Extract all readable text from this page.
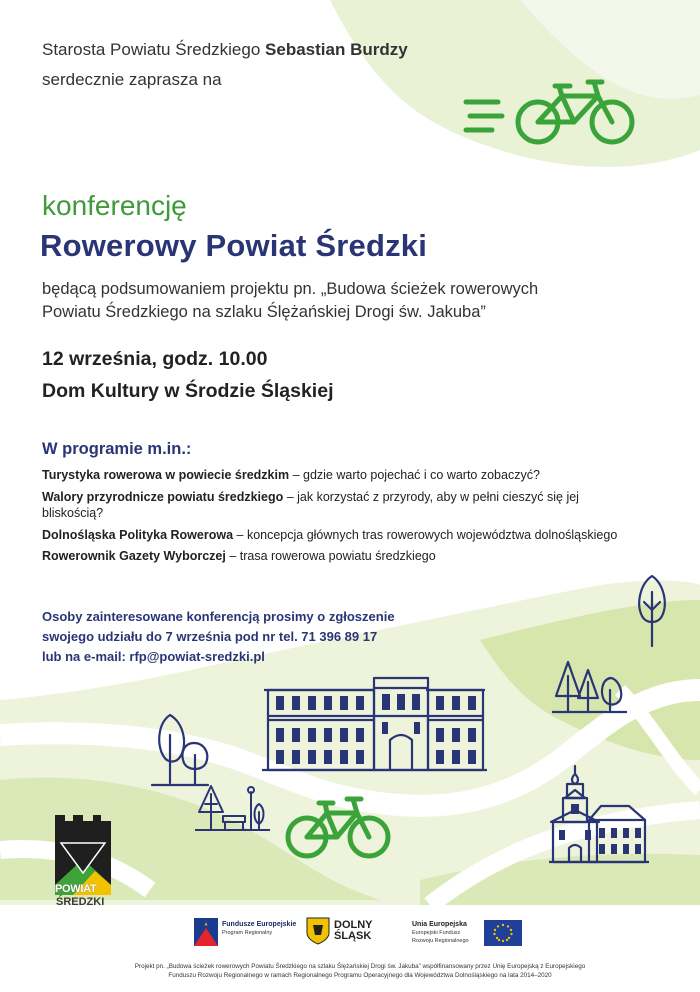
Starosta Powiatu Średzkiego Sebastian Burdzy
serdecznie zaprasza na
konferencję
Rowerowy Powiat Średzki
będącą podsumowaniem projektu pn. „Budowa ścieżek rowerowych
Powiatu Średzkiego na szlaku Ślężańskiej Drogi św. Jakuba”
12 września, godz. 10.00
Dom Kultury w Środzie Śląskiej
W programie m.in.:
Turystyka rowerowa w powiecie średzkim – gdzie warto pojechać i co warto zobaczyć?
Walory przyrodnicze powiatu średzkiego – jak korzystać z przyrody, aby w pełni cieszyć się jej bliskością?
Dolnośląska Polityka Rowerowa – koncepcja głównych tras rowerowych województwa dolnośląskiego
Rowerownik Gazety Wyborczej – trasa rowerowa powiatu średzkiego
Osoby zainteresowane konferencją prosimy o zgłoszenie
swojego udziału do 7 września pod nr tel. 71 396 89 17
lub na e-mail: rfp@powiat-sredzki.pl
POWIAT
ŚREDZKI
Fundusze Europejskie
Program Regionalny
DOLNY
ŚLĄSK
Unia Europejska
Europejski Fundusz
Rozwoju Regionalnego
Projekt pn. „Budowa ścieżek rowerowych Powiatu Średzkiego na szlaku Ślężańskiej Drogi św. Jakuba” współfinansowany przez Unię Europejską z Europejskiego
Funduszu Rozwoju Regionalnego w ramach Regionalnego Programu Operacyjnego dla Województwa Dolnośląskiego na lata 2014–2020
